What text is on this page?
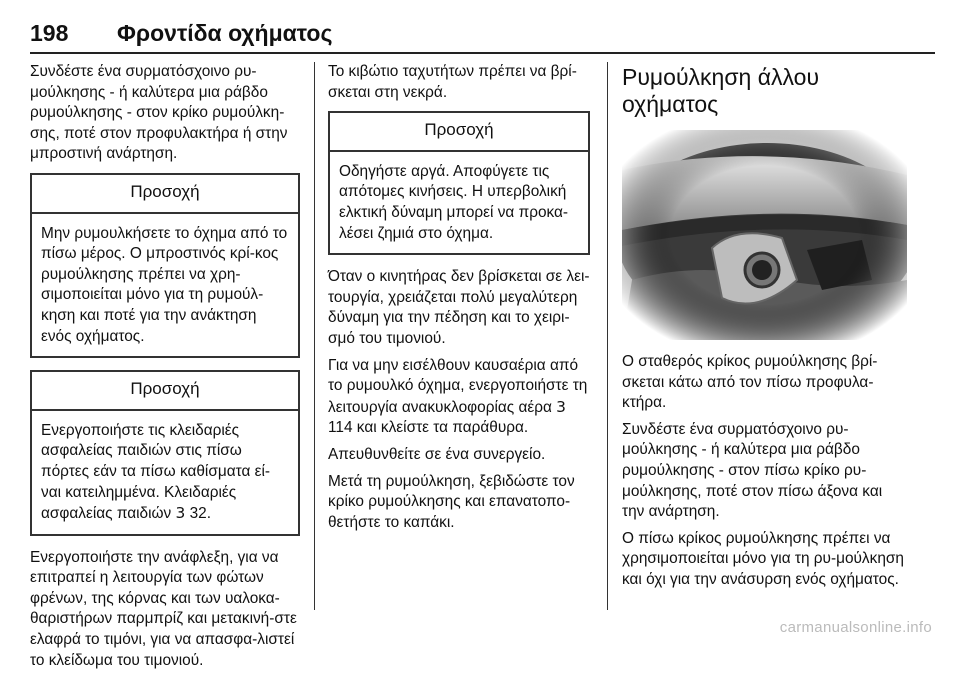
198 Φροντίδα οχήματος

Συνδέστε ένα συρματόσχοινο ρυ‐μούλκησης ‐ ή καλύτερα μια ράβδο ρυμούλκησης ‐ στον κρίκο ρυμούλκη‐σης, ποτέ στον προφυλακτήρα ή στην μπροστινή ανάρτηση.

Προσοχή

Μην ρυμουλκήσετε το όχημα από το πίσω μέρος. Ο μπροστινός κρί‐κος ρυμούλκησης πρέπει να χρη‐σιμοποιείται μόνο για τη ρυμούλ‐κηση και ποτέ για την ανάκτηση ενός οχήματος.

Προσοχή

Ενεργοποιήστε τις κλειδαριές ασφαλείας παιδιών στις πίσω πόρτες εάν τα πίσω καθίσματα εί‐ναι κατειλημμένα. Κλειδαριές ασφαλείας παιδιών 3 32.

Ενεργοποιήστε την ανάφλεξη, για να επιτραπεί η λειτουργία των φώτων φρένων, της κόρνας και των υαλοκα‐θαριστήρων παρμπρίζ και μετακινή‐στε ελαφρά το τιμόνι, για να απασφα‐λιστεί το κλείδωμα του τιμονιού.

Το κιβώτιο ταχυτήτων πρέπει να βρί‐σκεται στη νεκρά.

Προσοχή

Οδηγήστε αργά. Αποφύγετε τις απότομες κινήσεις. Η υπερβολική ελκτική δύναμη μπορεί να προκα‐λέσει ζημιά στο όχημα.

Όταν ο κινητήρας δεν βρίσκεται σε λει‐τουργία, χρειάζεται πολύ μεγαλύτερη δύναμη για την πέδηση και το χειρι‐σμό του τιμονιού.

Για να μην εισέλθουν καυσαέρια από το ρυμουλκό όχημα, ενεργοποιήστε τη λειτουργία ανακυκλοφορίας αέρα 3 114 και κλείστε τα παράθυρα.

Απευθυνθείτε σε ένα συνεργείο.

Μετά τη ρυμούλκηση, ξεβιδώστε τον κρίκο ρυμούλκησης και επανατοπο‐θετήστε το καπάκι.

Ρυμούλκηση άλλου
οχήματος

Ο σταθερός κρίκος ρυμούλκησης βρί‐σκεται κάτω από τον πίσω προφυλα‐κτήρα.

Συνδέστε ένα συρματόσχοινο ρυ‐μούλκησης ‐ ή καλύτερα μια ράβδο ρυμούλκησης ‐ στον πίσω κρίκο ρυ‐μούλκησης, ποτέ στον πίσω άξονα και την ανάρτηση.

Ο πίσω κρίκος ρυμούλκησης πρέπει να χρησιμοποιείται μόνο για τη ρυ‐μούλκηση και όχι για την ανάσυρση ενός οχήματος.

carmanualsonline.info
